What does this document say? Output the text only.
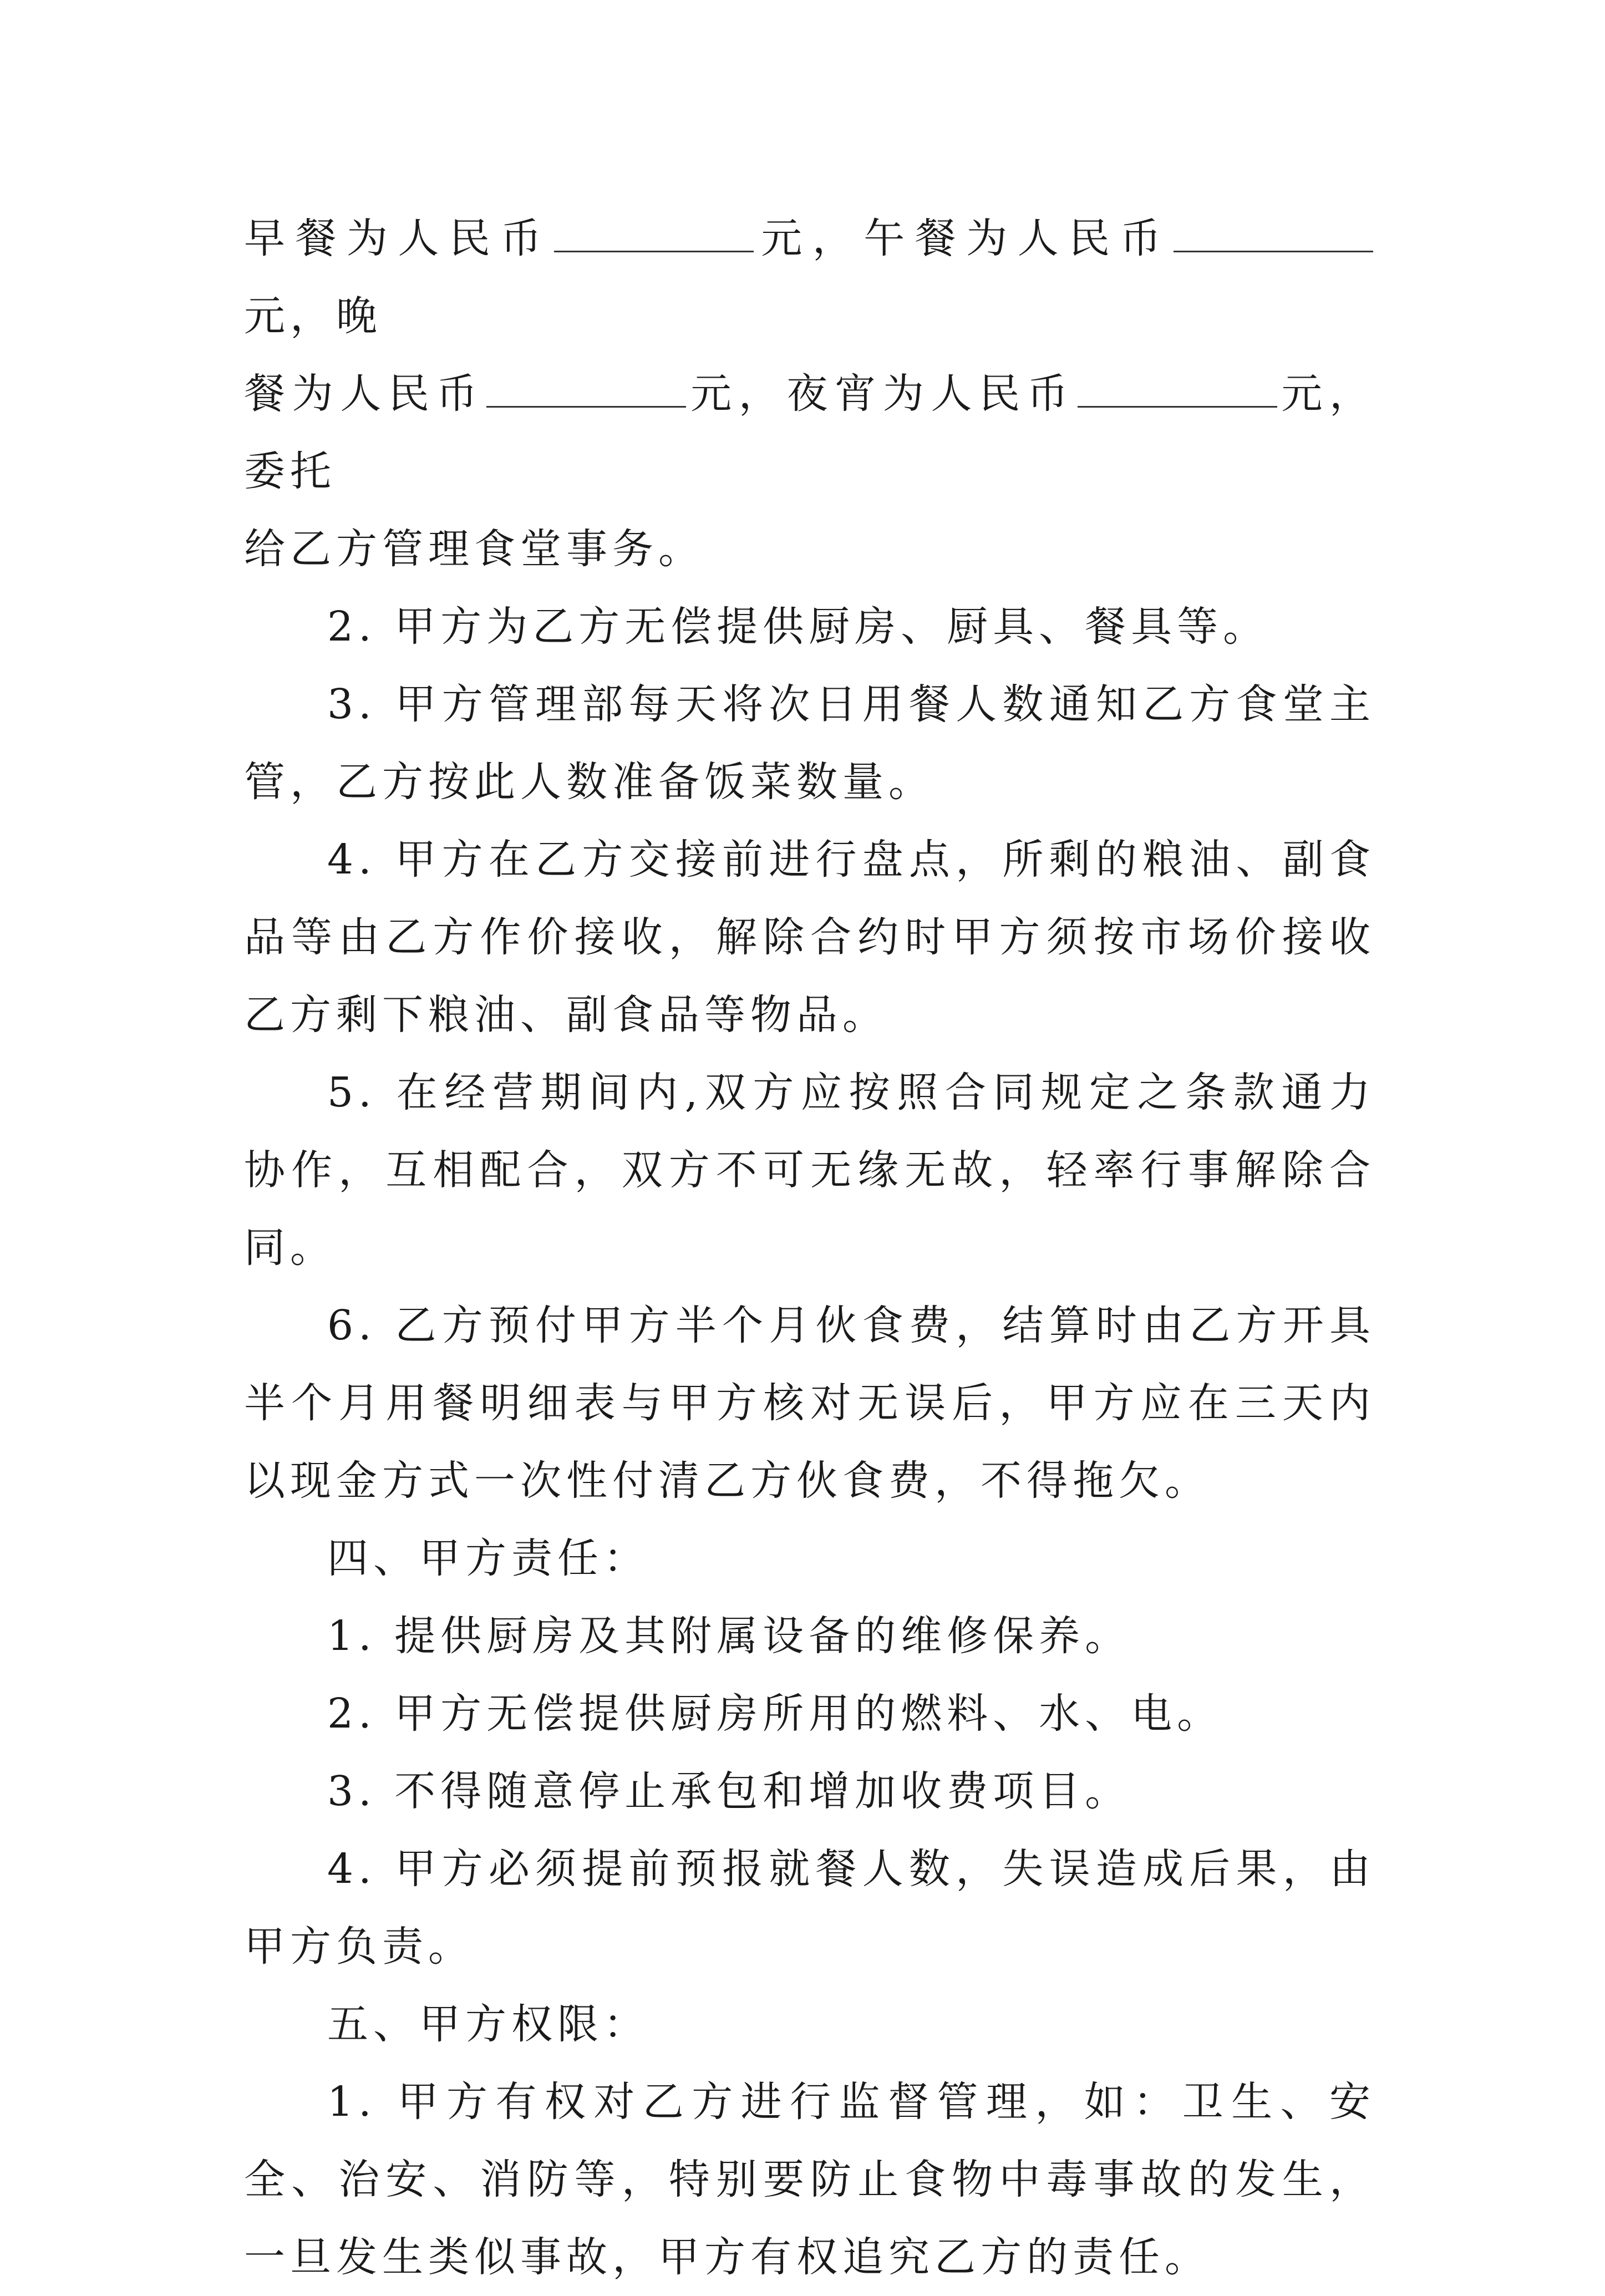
早餐为人民币	元，午餐为人民币元，晚
餐为人民币	元，夜宵为人民币	元，委托
给乙方管理食堂事务。

2. 甲方为乙方无偿提供厨房、厨具、餐具等。

3. 甲方管理部每天将次日用餐人数通知乙方食堂主管，乙方按此人数准备饭菜数量。

4. 甲方在乙方交接前进行盘点，所剩的粮油、副食品等由乙方作价接收，解除合约时甲方须按市场价接收乙方剩下粮油、副食品等物品。

5. 在经营期间内,双方应按照合同规定之条款通力协作，互相配合，双方不可无缘无故，轻率行事解除合同。

6. 乙方预付甲方半个月伙食费，结算时由乙方开具半个月用餐明细表与甲方核对无误后，甲方应在三天内以现金方式一次性付清乙方伙食费，不得拖欠。

四、甲方责任：

1. 提供厨房及其附属设备的维修保养。

2. 甲方无偿提供厨房所用的燃料、水、电。

3. 不得随意停止承包和增加收费项目。

4. 甲方必须提前预报就餐人数，失误造成后果，由甲方负责。

五、甲方权限：

1. 甲方有权对乙方进行监督管理，如：卫生、安全、治安、消防等，特别要防止食物中毒事故的发生，一旦发生类似事故，甲方有权追究乙方的责任。
